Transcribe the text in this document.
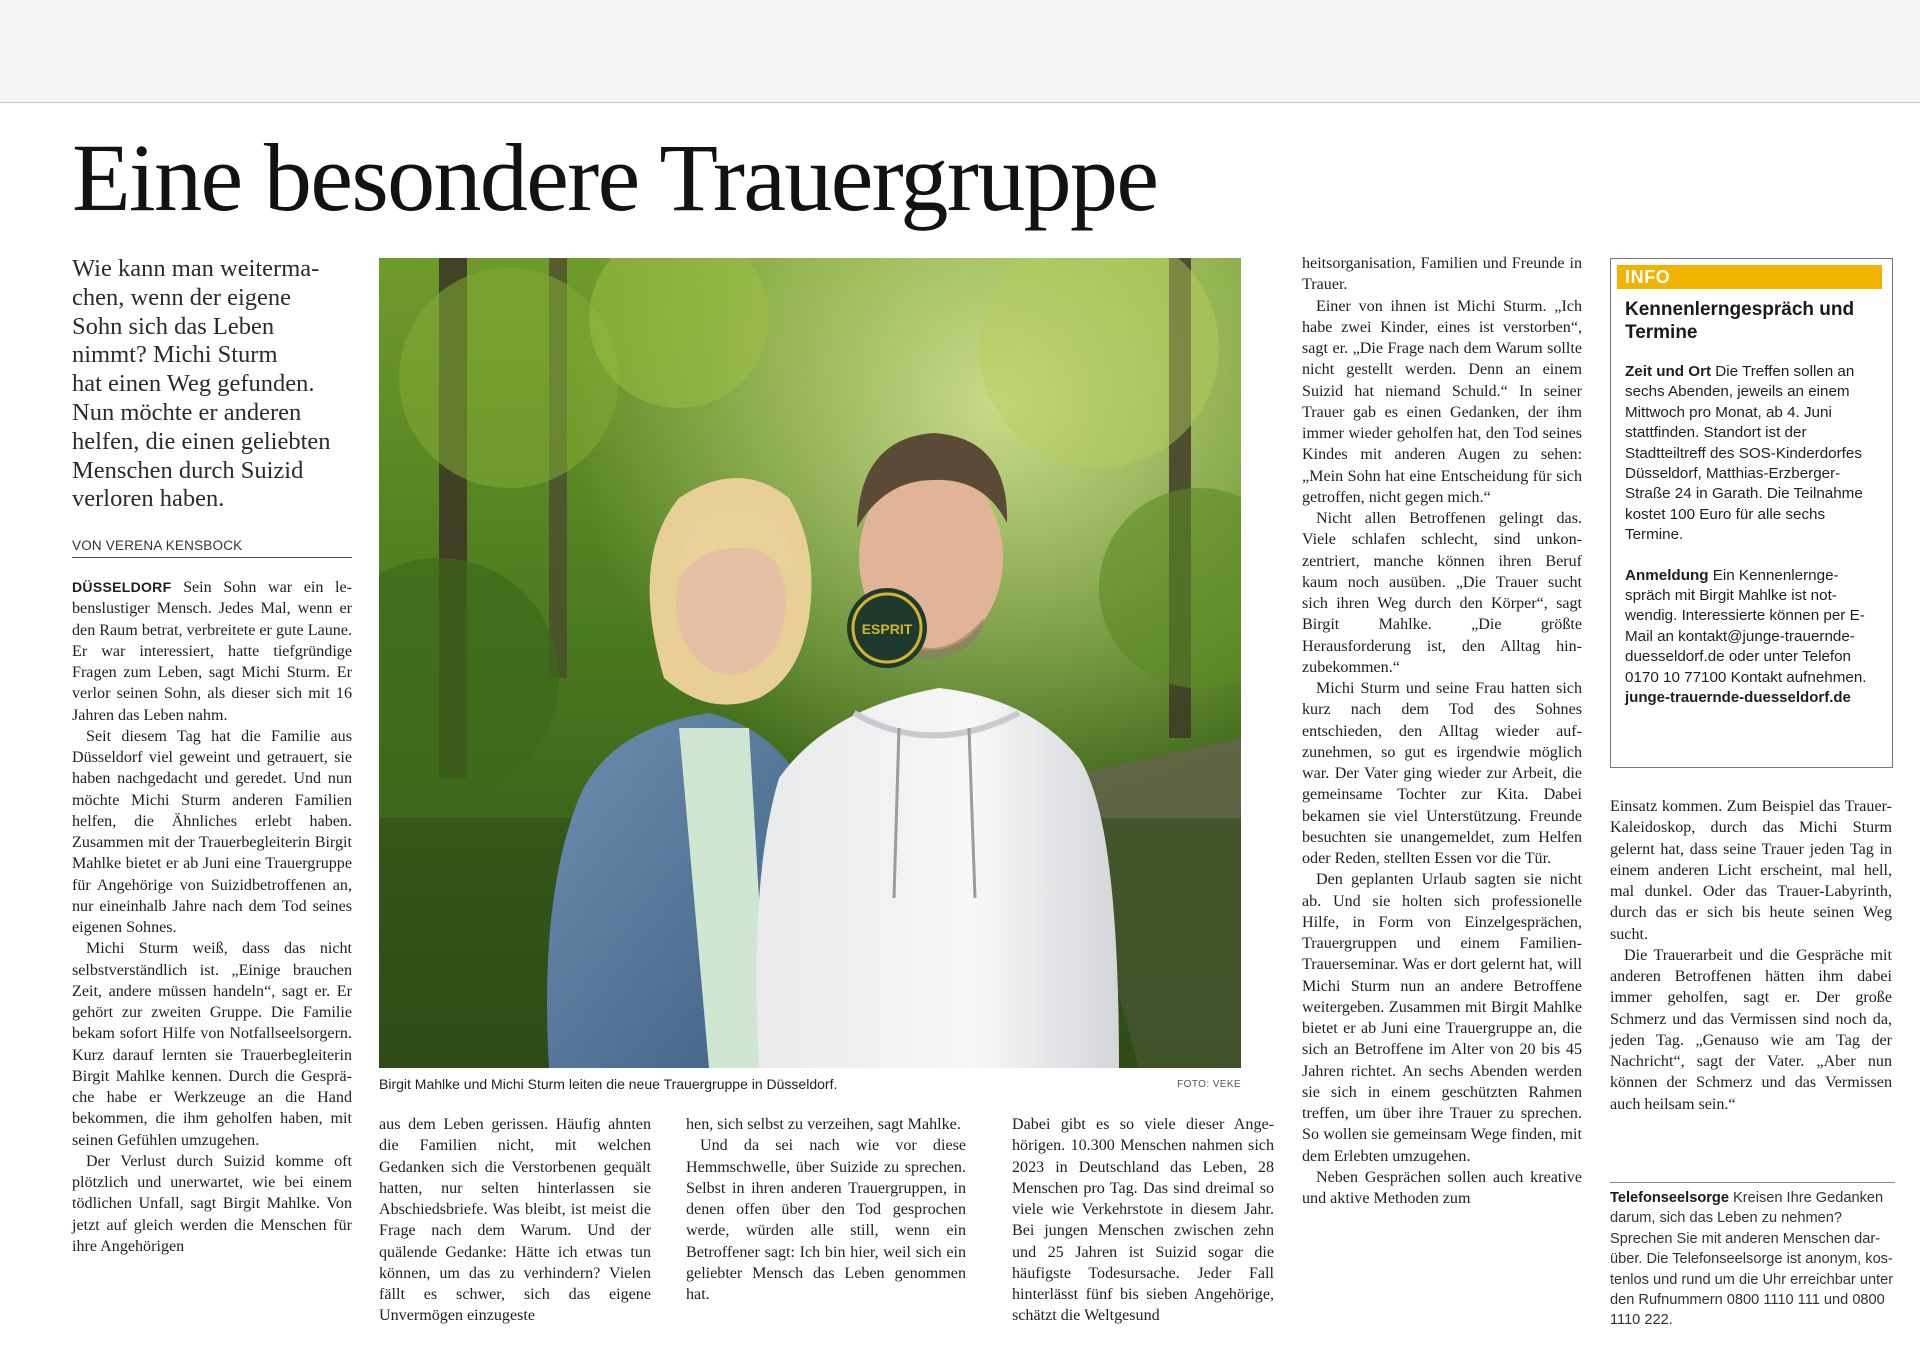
Eine besondere Trauergruppe
Wie kann man weiterma-
chen, wenn der eigene
Sohn sich das Leben
nimmt? Michi Sturm
hat einen Weg gefunden.
Nun möchte er anderen
helfen, die einen geliebten
Menschen durch Suizid
verloren haben.
VON VERENA KENSBOCK

DÜSSELDORF Sein Sohn war ein lebenslustiger Mensch. Jedes Mal, wenn er den Raum betrat, verbreitete er gute Laune. Er war interessiert, hatte tiefgründige Fragen zum Leben, sagt Michi Sturm. Er verlor seinen Sohn, als dieser sich mit 16 Jahren das Leben nahm.

Seit diesem Tag hat die Familie aus Düsseldorf viel geweint und getrauert, sie haben nachgedacht und geredet. Und nun möchte Michi Sturm anderen Familien helfen, die Ähnliches erlebt haben. Zusammen mit der Trauerbegleiterin Birgit Mahlke bietet er ab Juni eine Trauergruppe für Angehörige von Suizidbetroffenen an, nur eineinhalb Jahre nach dem Tod seines eigenen Sohnes.

Michi Sturm weiß, dass das nicht selbstverständlich ist. „Einige brauchen Zeit, andere müssen handeln“, sagt er. Er gehört zur zweiten Gruppe. Die Familie bekam sofort Hilfe von Notfallseelsorgern. Kurz darauf lernten sie Trauerbegleiterin Birgit Mahlke kennen. Durch die Gespräche habe er Werkzeuge an die Hand bekommen, die ihm geholfen haben, mit seinen Gefühlen umzugehen.

Der Verlust durch Suizid komme oft plötzlich und unerwartet, wie bei einem tödlichen Unfall, sagt Birgit Mahlke. Von jetzt auf gleich werden die Menschen für ihre Angehörigen

ESPRIT
Birgit Mahlke und Michi Sturm leiten die neue Trauergruppe in Düsseldorf.	FOTO: VEKE

aus dem Leben gerissen. Häufig ahnten die Familien nicht, mit welchen Gedanken sich die Verstorbenen gequält hatten, nur selten hinterlassen sie Abschiedsbriefe. Was bleibt, ist meist die Frage nach dem Warum. Und der quälende Gedanke: Hätte ich etwas tun können, um das zu verhindern? Vielen fällt es schwer, sich das eigene Unvermögen einzugeste

hen, sich selbst zu verzeihen, sagt Mahlke.

Und da sei nach wie vor diese Hemmschwelle, über Suizide zu sprechen. Selbst in ihren anderen Trauergruppen, in denen offen über den Tod gesprochen werde, würden alle still, wenn ein Betroffener sagt: Ich bin hier, weil sich ein geliebter Mensch das Leben genommen hat.

Dabei gibt es so viele dieser Angehörigen. 10.300 Menschen nahmen sich 2023 in Deutschland das Leben, 28 Menschen pro Tag. Das sind dreimal so viele wie Verkehrstote in diesem Jahr. Bei jungen Menschen zwischen zehn und 25 Jahren ist Suizid sogar die häufigste Todesursache. Jeder Fall hinterlässt fünf bis sieben Angehörige, schätzt die Weltgesund

heitsorganisation, Familien und Freunde in Trauer.

Einer von ihnen ist Michi Sturm. „Ich habe zwei Kinder, eines ist verstorben“, sagt er. „Die Frage nach dem Warum sollte nicht gestellt werden. Denn an einem Suizid hat niemand Schuld.“ In seiner Trauer gab es einen Gedanken, der ihm immer wieder geholfen hat, den Tod seines Kindes mit anderen Augen zu sehen: „Mein Sohn hat eine Entscheidung für sich getroffen, nicht gegen mich.“

Nicht allen Betroffenen gelingt das. Viele schlafen schlecht, sind unkonzentriert, manche können ihren Beruf kaum noch ausüben. „Die Trauer sucht sich ihren Weg durch den Körper“, sagt Birgit Mahlke. „Die größte Herausforderung ist, den Alltag hinzubekommen.“

Michi Sturm und seine Frau hatten sich kurz nach dem Tod des Sohnes entschieden, den Alltag wieder aufzunehmen, so gut es irgendwie möglich war. Der Vater ging wieder zur Arbeit, die gemeinsame Tochter zur Kita. Dabei bekamen sie viel Unterstützung. Freunde besuchten sie unangemeldet, zum Helfen oder Reden, stellten Essen vor die Tür.

Den geplanten Urlaub sagten sie nicht ab. Und sie holten sich professionelle Hilfe, in Form von Einzelgesprächen, Trauergruppen und einem Familien-Trauerseminar. Was er dort gelernt hat, will Michi Sturm nun an andere Betroffene weitergeben. Zusammen mit Birgit Mahlke bietet er ab Juni eine Trauergruppe an, die sich an Betroffene im Alter von 20 bis 45 Jahren richtet. An sechs Abenden werden sie sich in einem geschützten Rahmen treffen, um über ihre Trauer zu sprechen. So wollen sie gemeinsam Wege finden, mit dem Erlebten umzugehen.

Neben Gesprächen sollen auch kreative und aktive Methoden zum

INFO
Kennenlerngespräch und Termine

Zeit und Ort Die Treffen sollen an sechs Abenden, jeweils an einem Mittwoch pro Monat, ab 4. Juni stattfinden. Standort ist der Stadtteiltreff des SOS-Kinderdorfes Düsseldorf, Matthias-Erzberger-Straße 24 in Garath. Die Teilnahme kostet 100 Euro für alle sechs Termine.

Anmeldung Ein Kennenlerngespräch mit Birgit Mahlke ist notwendig. Interessierte können per E-Mail an kontakt@junge-trauernde-duesseldorf.de oder unter Telefon 0170 10 77100 Kontakt aufnehmen.
junge-trauernde-duesseldorf.de

Einsatz kommen. Zum Beispiel das Trauer-Kaleidoskop, durch das Michi Sturm gelernt hat, dass seine Trauer jeden Tag in einem anderen Licht erscheint, mal hell, mal dunkel. Oder das Trauer-Labyrinth, durch das er sich bis heute seinen Weg sucht.

Die Trauerarbeit und die Gespräche mit anderen Betroffenen hätten ihm dabei immer geholfen, sagt er. Der große Schmerz und das Vermissen sind noch da, jeden Tag. „Genauso wie am Tag der Nachricht“, sagt der Vater. „Aber nun können der Schmerz und das Vermissen auch heilsam sein.“

Telefonseelsorge Kreisen Ihre Gedanken darum, sich das Leben zu nehmen? Sprechen Sie mit anderen Menschen darüber. Die Telefonseelsorge ist anonym, kostenlos und rund um die Uhr erreichbar unter den Rufnummern 0800 1110 111 und 0800 1110 222.
